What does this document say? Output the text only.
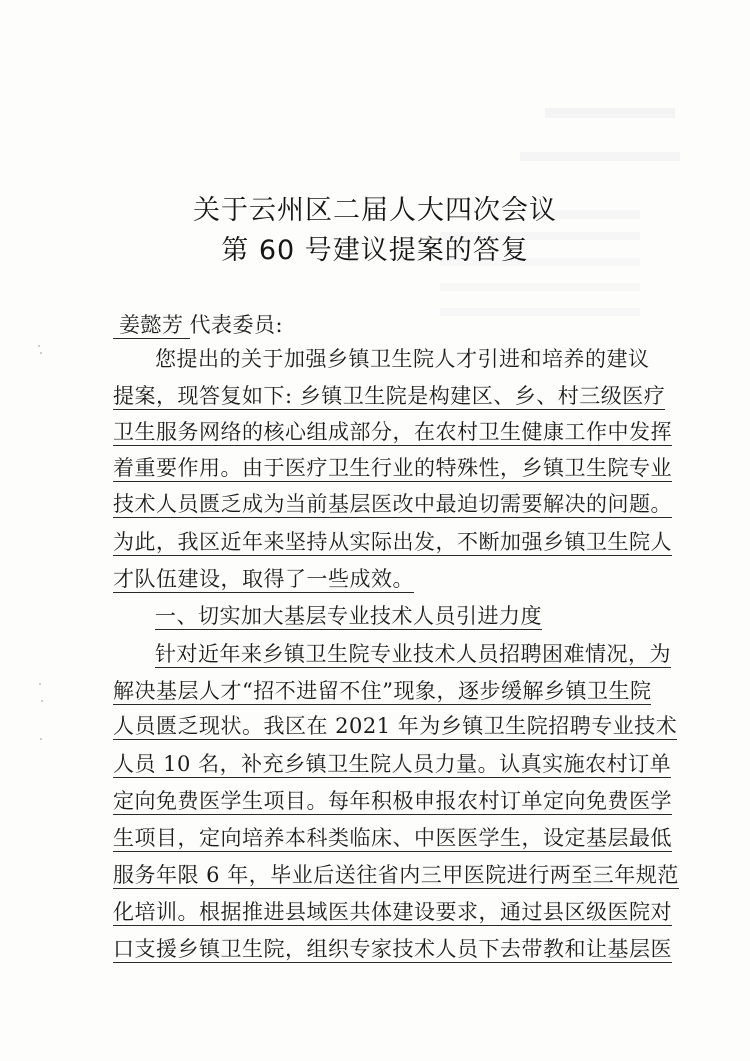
关于云州区二届人大四次会议
第 60 号建议提案的答复
姜懿芳 代表委员:
您提出的关于加强乡镇卫生院人才引进和培养的建议
提案，现答复如下: 乡镇卫生院是构建区、乡、村三级医疗
卫生服务网络的核心组成部分，在农村卫生健康工作中发挥
着重要作用。由于医疗卫生行业的特殊性，乡镇卫生院专业
技术人员匮乏成为当前基层医改中最迫切需要解决的问题。
为此，我区近年来坚持从实际出发，不断加强乡镇卫生院人
才队伍建设，取得了一些成效。
一、切实加大基层专业技术人员引进力度
针对近年来乡镇卫生院专业技术人员招聘困难情况，为
解决基层人才“招不进留不住”现象，逐步缓解乡镇卫生院
人员匮乏现状。我区在 2021 年为乡镇卫生院招聘专业技术
人员 10 名，补充乡镇卫生院人员力量。认真实施农村订单
定向免费医学生项目。每年积极申报农村订单定向免费医学
生项目，定向培养本科类临床、中医医学生，设定基层最低
服务年限 6 年，毕业后送往省内三甲医院进行两至三年规范
化培训。根据推进县域医共体建设要求，通过县区级医院对
口支援乡镇卫生院，组织专家技术人员下去带教和让基层医
